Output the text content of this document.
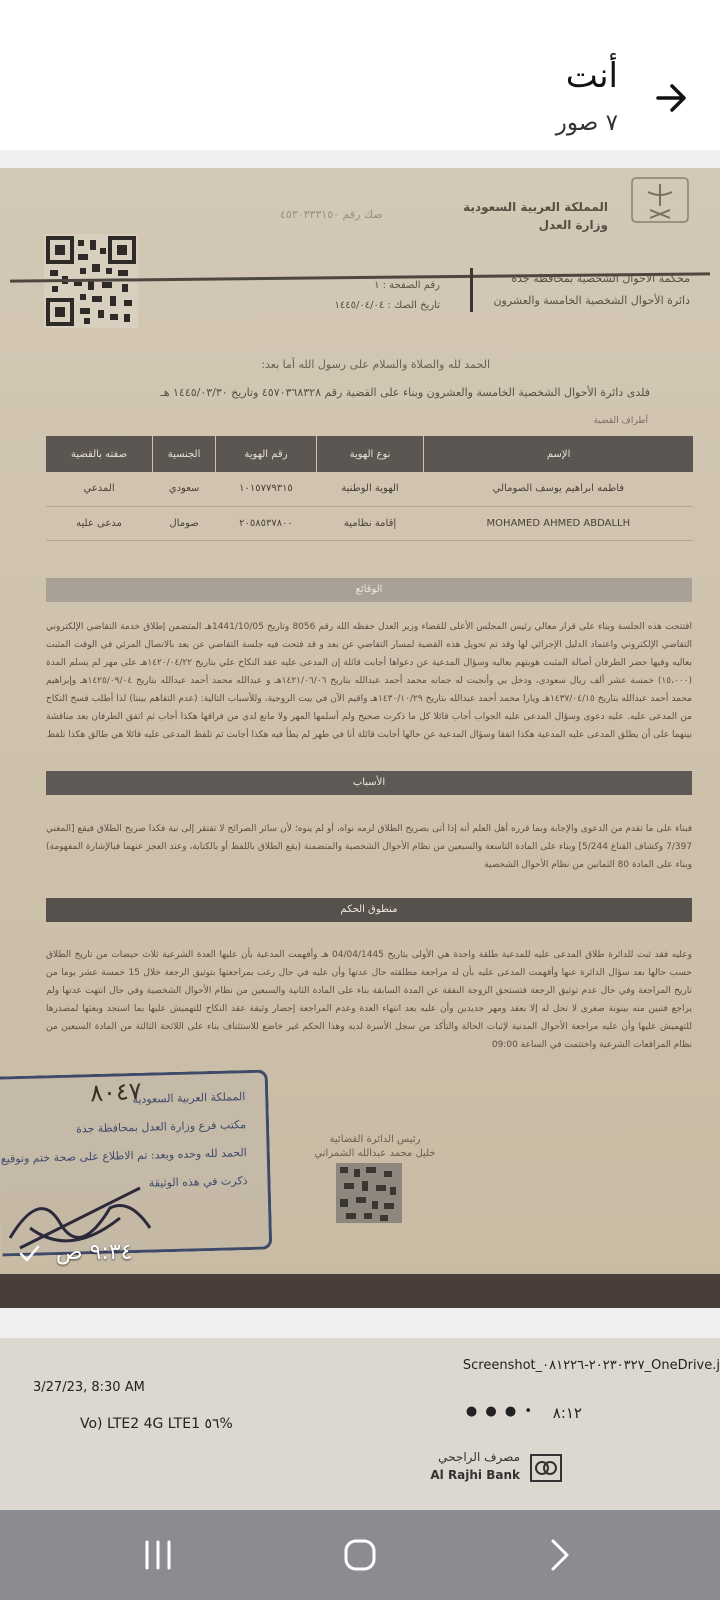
أنت
٧ صور
المملكة العربية السعودية
وزارة العدل
صك رقم ٤٥٣٠٣٣٣١٥٠
محكمة الاحوال الشخصية بمحافظة جدة
دائرة الأحوال الشخصية الخامسة والعشرون
رقم الصفحة : ١
تاريخ الصك : ١٤٤٥/٠٤/٠٤
الحمد لله والصلاة والسلام على رسول الله أما بعد:
فلدى دائرة الأحوال الشخصية الخامسة والعشرون وبناء على القضية رقم ٤٥٧٠٣٦٨٣٢٨ وتاريخ ١٤٤٥/٠٣/٣٠ هـ
أطراف القضية
الإسم	نوع الهوية	رقم الهوية	الجنسية	صفته بالقضية
فاطمه ابراهيم يوسف الصومالي	الهوية الوطنية	١٠١٥٧٧٩٣١٥	سعودي	المدعي
MOHAMED AHMED ABDALLH	إقامة نظامية	٢٠٥٨٥٣٧٨٠٠	صومال	مدعى عليه
الوقائع
افتتحت هذه الجلسة وبناء على قرار معالي رئيس المجلس الأعلى للقضاء وزير العدل حفظه الله رقم 8056 وتاريخ 1441/10/05هـ المتضمن إطلاق خدمة التقاضي الإلكتروني التقاضي الإلكتروني واعتماد الدليل الإجرائي لها وقد تم تحويل هذه القضية لمسار التقاضي عن بعد و قد فتحت فيه جلسة التقاضي عن بعد بالاتصال المرئي في الوقت المثبت بعاليه وفيها حضر الطرفان أصالة المثبت هويتهم بعاليه وسؤال المدعية عن دعواها أجابت قائلة إن المدعى عليه عقد النكاح علي بتاريخ ١٤٢٠/٠٤/٢٢هـ على مهر لم يسلم المدة (١٥،٠٠٠) خمسة عشر ألف ريال سعودي، ودخل بي وأنجبت له جمانه محمد أحمد عبدالله بتاريخ ١٤٢١/٠٦/٠٦هـ و عبدالله محمد أحمد عبدالله بتاريخ ١٤٢٥/٠٩/٠٤هـ وإبراهيم محمد أحمد عبدالله بتاريخ ١٤٣٧/٠٤/١٥هـ ويارا محمد أحمد عبدالله بتاريخ ١٤٣٠/١٠/٢٩هـ واقيم الآن في بيت الزوجية، وللأسباب التالية: (عدم التفاهم بيننا) لذا أطلب فسخ النكاح من المدعى عليه. عليه دعوى وسؤال المدعى عليه الجواب أجاب قائلا كل ما ذكرت صحيح ولم أسلمها المهر ولا مانع لدي من فراقها هكذا أجاب ثم اتفق الطرفان بعد مناقشة بينهما على أن يطلق المدعى عليه المدعية هكذا اتفقا وسؤال المدعية عن حالها أجابت قائلة أنا في طهر لم يطأ فيه هكذا أجابت ثم تلفظ المدعى عليه قائلا هي طالق هكذا تلفظ
الأسباب
فبناء على ما تقدم من الدعوى والإجابة وبما قرره أهل العلم أنه إذا أتى بصريح الطلاق لزمه نواه، أو لم ينوه؛ لأن سائر الصرائح لا تفتقر إلى نية فكذا صريح الطلاق فيقع [المغني 7/397 وكشاف القناع 5/244] وبناء على المادة التاسعة والسبعين من نظام الأحوال الشخصية والمتضمنة (يقع الطلاق باللفظ أو بالكتابة، وعند العجز عنهما فبالإشارة المفهومة) وبناء على المادة 80 الثمانين من نظام الأحوال الشخصية
منطوق الحكم
وعليه فقد ثبت للدائرة طلاق المدعى عليه للمدعية طلقة واحدة هي الأولى بتاريخ 04/04/1445 هـ وأفهمت المدعية بأن عليها العدة الشرعية ثلاث حيضات من تاريخ الطلاق حسب حالها بعد سؤال الدائرة عنها وأفهمت المدعى عليه بأن له مراجعة مطلقته حال عدتها وأن عليه في حال رغب بمراجعتها بتوثيق الرجعة خلال 15 خمسة عشر يوما من تاريخ المراجعة وفي حال عدم توثيق الرجعة فتستحق الزوجة النفقة عن المدة السابقة بناء على المادة الثانية والسبعين من نظام الأحوال الشخصية وفي حال انتهت عدتها ولم يراجع فتبين منه بينونة صغرى لا تحل له إلا بعقد ومهر جديدين وأن عليه بعد انتهاء العدة وعدم المراجعة إحضار وثيقة عقد النكاح للتهميش عليها بما استجد وبعثها لمصدرها للتهميش عليها وأن عليه مراجعة الأحوال المدنية لإثبات الحالة والتأكد من سجل الأسرة لديه وهذا الحكم غير خاضع للاستئناف بناء على اللائحة الثالثة من المادة السبعين من نظام المرافعات الشرعية واختتمت في الساعة 09:00
المملكة العربية السعودية
مكتب فرع وزارة العدل بمحافظة جدة
الحمد لله وحده وبعد: تم الاطلاع على صحة ختم وتوقيع
ذكرت في هذه الوثيقة
٨٠٤٧
رئيس الدائرة القضائية
خليل محمد عبدالله الشمراني
٩:٣٤ ص
Screenshot_٢٠٢٣٠٣٢٧-٠٨١٢٢٦_OneDrive.j
3/27/23, 8:30 AM
● ● ● • ٨:١٢
%٥٦ Vo) LTE2 4G LTE1
مصرف الراجحي
Al Rajhi Bank
